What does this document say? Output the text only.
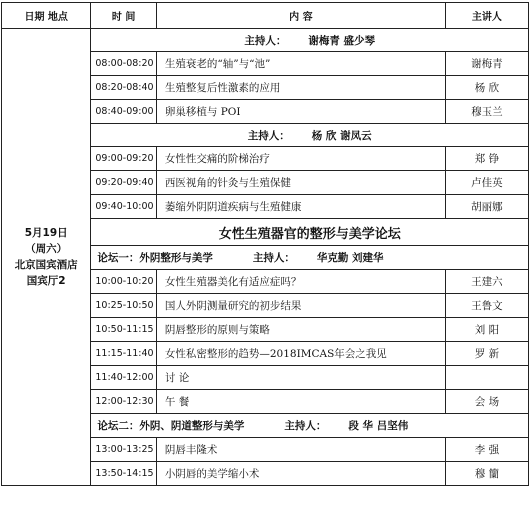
日期 地点	时 间	内 容	主讲人

5月19日
（周六）
北京国宾酒店
国宾厅2	主持人： 谢梅青 盛少琴		
	08:00-08:20	生殖衰老的“轴”与“池”	谢梅青
	08:20-08:40	生殖整复后性激素的应用	杨 欣
	08:40-09:00	卵巢移植与 POI	穆玉兰
	主持人： 杨 欣 谢凤云		
	09:00-09:20	女性性交痛的阶梯治疗	郑 铮
	09:20-09:40	西医视角的针灸与生殖保健	卢佳英
	09:40-10:00	萎缩外阴阴道疾病与生殖健康	胡丽娜
	女性生殖器官的整形与美学论坛		
	论坛一：外阴整形与美学 主持人： 华克勤 刘建华		
	10:00-10:20	女性生殖器美化有适应症吗？	王建六
	10:25-10:50	国人外阴测量研究的初步结果	王鲁文
	10:50-11:15	阴唇整形的原则与策略	刘 阳
	11:15-11:40	女性私密整形的趋势—2018IMCAS年会之我见	罗 新
	11:40-12:00	讨 论	
	12:00-12:30	午 餐	会 场
	论坛二：外阴、阴道整形与美学 主持人： 段 华 吕坚伟		
	13:00-13:25	阴唇丰隆术	李 强
	13:50-14:15	小阴唇的美学缩小术	穆 籣
